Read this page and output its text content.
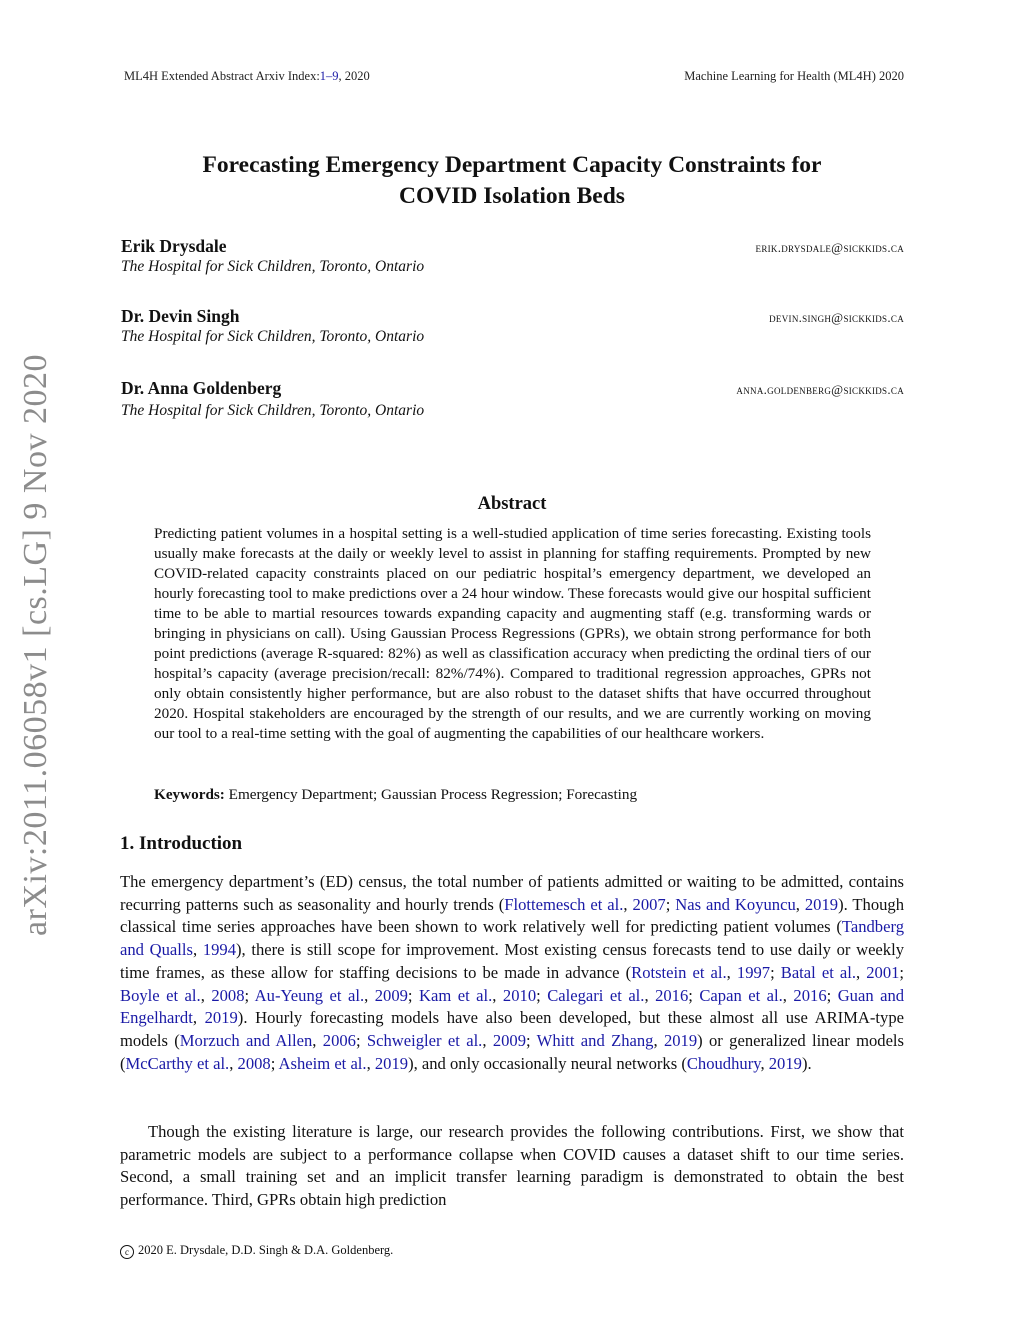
ML4H Extended Abstract Arxiv Index:1–9, 2020	Machine Learning for Health (ML4H) 2020
Forecasting Emergency Department Capacity Constraints for
COVID Isolation Beds
Erik Drysdale	erik.drysdale@sickkids.ca
The Hospital for Sick Children, Toronto, Ontario
Dr. Devin Singh	devin.singh@sickkids.ca
The Hospital for Sick Children, Toronto, Ontario
Dr. Anna Goldenberg	anna.goldenberg@sickkids.ca
The Hospital for Sick Children, Toronto, Ontario
arXiv:2011.06058v1 [cs.LG] 9 Nov 2020	Abstract
Predicting patient volumes in a hospital setting is a well-studied application of time series forecasting. Existing tools usually make forecasts at the daily or weekly level to assist in planning for staffing requirements. Prompted by new COVID-related capacity constraints placed on our pediatric hospital’s emergency department, we developed an hourly forecasting tool to make predictions over a 24 hour window. These forecasts would give our hospital sufficient time to be able to martial resources towards expanding capacity and augmenting staff (e.g. transforming wards or bringing in physicians on call). Using Gaussian Process Regressions (GPRs), we obtain strong performance for both point predictions (average R-squared: 82%) as well as classification accuracy when predicting the ordinal tiers of our hospital’s capacity (average precision/recall: 82%/74%). Compared to traditional regression approaches, GPRs not only obtain consistently higher performance, but are also robust to the dataset shifts that have occurred throughout 2020. Hospital stakeholders are encouraged by the strength of our results, and we are currently working on moving our tool to a real-time setting with the goal of augmenting the capabilities of our healthcare workers.
Keywords: Emergency Department; Gaussian Process Regression; Forecasting
1. Introduction
The emergency department’s (ED) census, the total number of patients admitted or waiting to be admitted, contains recurring patterns such as seasonality and hourly trends (Flottemesch et al., 2007; Nas and Koyuncu, 2019). Though classical time series approaches have been shown to work relatively well for predicting patient volumes (Tandberg and Qualls, 1994), there is still scope for improvement. Most existing census forecasts tend to use daily or weekly time frames, as these allow for staffing decisions to be made in advance (Rotstein et al., 1997; Batal et al., 2001; Boyle et al., 2008; Au-Yeung et al., 2009; Kam et al., 2010; Calegari et al., 2016; Capan et al., 2016; Guan and Engelhardt, 2019). Hourly forecasting models have also been developed, but these almost all use ARIMA-type models (Morzuch and Allen, 2006; Schweigler et al., 2009; Whitt and Zhang, 2019) or generalized linear models (McCarthy et al., 2008; Asheim et al., 2019), and only occasionally neural networks (Choudhury, 2019).
Though the existing literature is large, our research provides the following contributions. First, we show that parametric models are subject to a performance collapse when COVID causes a dataset shift to our time series. Second, a small training set and an implicit transfer learning paradigm is demonstrated to obtain the best performance. Third, GPRs obtain high prediction
c 2020 E. Drysdale, D.D. Singh & D.A. Goldenberg.
